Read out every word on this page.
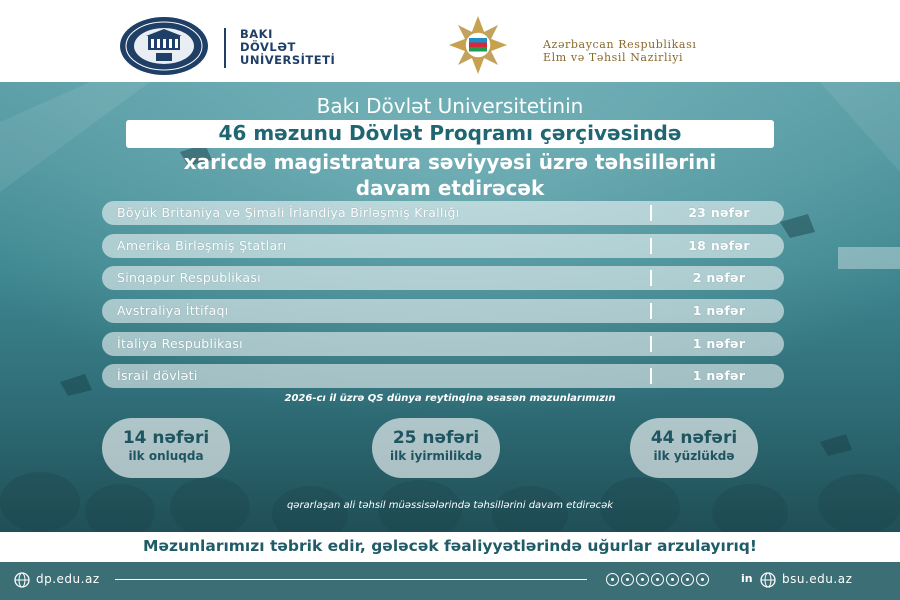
BAKI
DÖVLƏT
UNİVERSİTETİ
Azərbaycan Respublikası
Elm və Təhsil Nazirliyi
Bakı Dövlət Universitetinin
46 məzunu Dövlət Proqramı çərçivəsində
xaricdə magistratura səviyyəsi üzrə təhsillərini
davam etdirəcək
Böyük Britaniya və Şimali İrlandiya Birləşmiş Krallığı	23 nəfər
Amerika Birləşmiş Ştatları	18 nəfər
Sinqapur Respublikası	2 nəfər
Avstraliya İttifaqı	1 nəfər
İtaliya Respublikası	1 nəfər
İsrail dövləti	1 nəfər
2026-cı il üzrə QS dünya reytinqinə əsasən məzunlarımızın
14 nəfəri
ilk onluqda
25 nəfəri
ilk iyirmilikdə
44 nəfəri
ilk yüzlükdə
qərarlaşan ali təhsil müəssisələrində təhsillərini davam etdirəcək
Məzunlarımızı təbrik edir, gələcək fəaliyyətlərində uğurlar arzulayırıq!
dp.edu.az	in bsu.edu.az
